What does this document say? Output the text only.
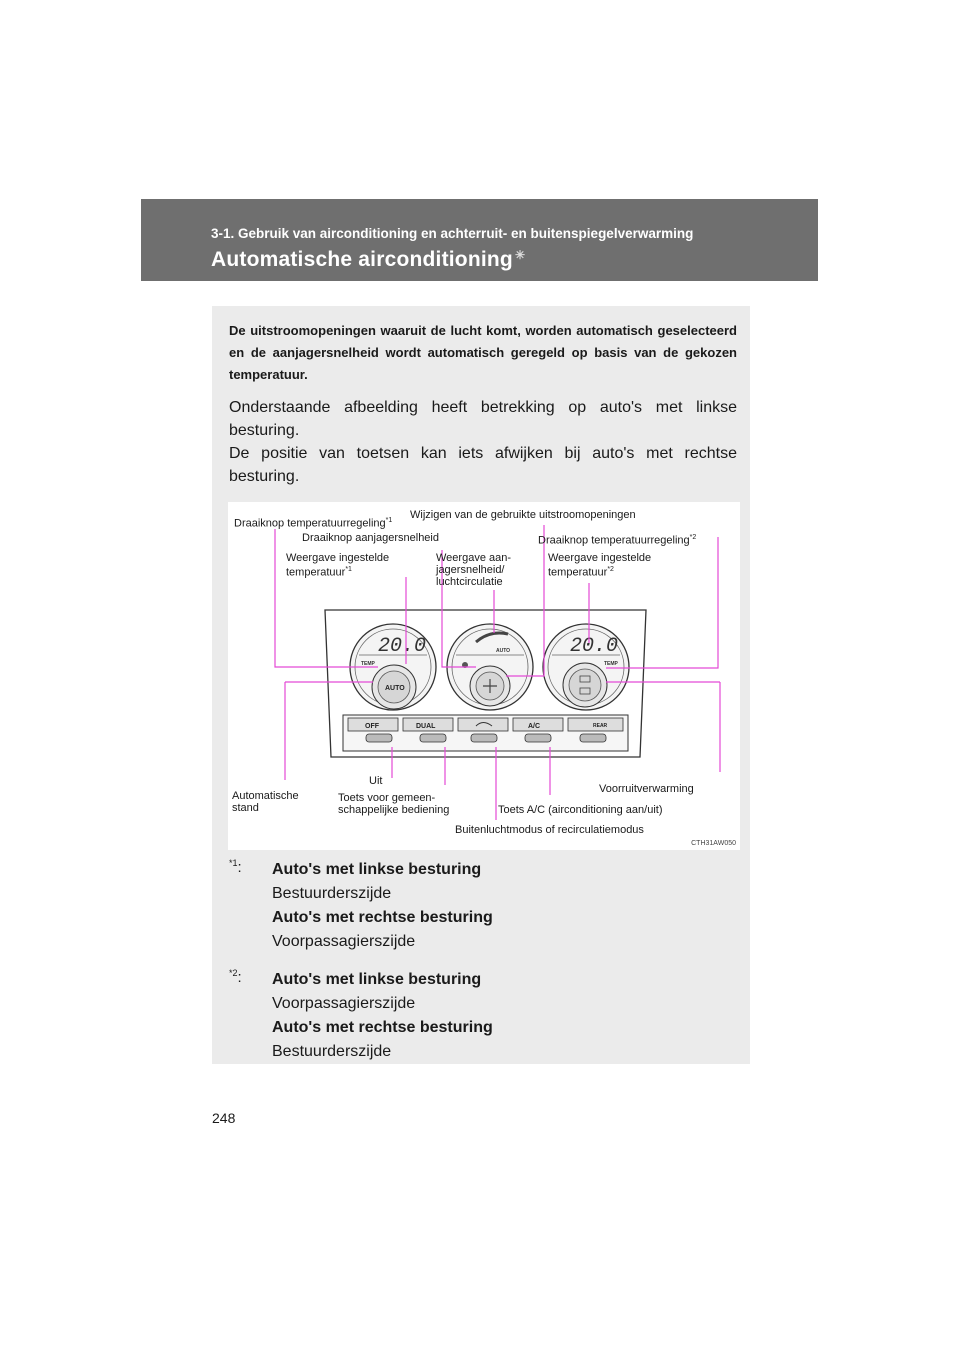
3-1. Gebruik van airconditioning en achterruit- en buitenspiegelverwarming
Automatische airconditioning ✳
De uitstroomopeningen waaruit de lucht komt, worden automatisch geselecteerd en de aanjagersnelheid wordt automatisch geregeld op basis van de gekozen temperatuur.

Onderstaande afbeelding heeft betrekking op auto's met linkse besturing.

De positie van toetsen kan iets afwijken bij auto's met rechtse besturing.

20.0
TEMP
AUTO
AUTO	20.0
TEMP
OFF	DUAL	A/C	REAR
Draaiknop temperatuurregeling$^{*1}$ Wijzigen van de gebruikte uitstroomopeningen
Draaiknop aanjagersnelheid	Draaiknop temperatuurregeling$^{*2}$
Weergave ingestelde
temperatuur$^{*1}$
Weergave aan-
jagersnelheid/
luchtcirculatie
Weergave ingestelde
temperatuur$^{*2}$
Uit
Voorruitverwarming
Automatische
stand
Toets voor gemeen-
schappelijke bediening	Toets A/C (airconditioning aan/uit)
Buitenluchtmodus of recirculatiemodus
CTH31AW050
$^{*1}$: Auto's met linkse besturing
Bestuurderszijde
Auto's met rechtse besturing
Voorpassagierszijde
$^{*2}$: Auto's met linkse besturing
Voorpassagierszijde
Auto's met rechtse besturing
Bestuurderszijde
248
